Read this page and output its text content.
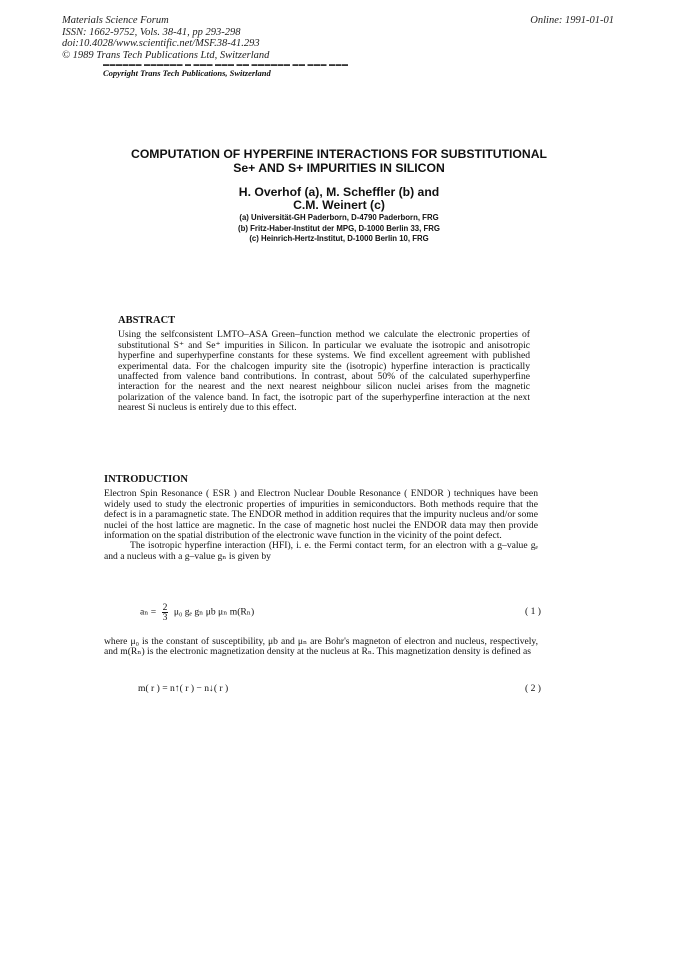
Materials Science Forum
ISSN: 1662-9752, Vols. 38-41, pp 293-298
doi:10.4028/www.scientific.net/MSF.38-41.293
© 1989 Trans Tech Publications Ltd, Switzerland
Online: 1991-01-01
▬▬▬▬▬▬ ▬▬▬▬▬▬ ▬ ▬▬▬ ▬▬▬ ▬▬ ▬▬▬▬▬▬ ▬▬ ▬▬▬ ▬▬▬
Copyright Trans Tech Publications, Switzerland
COMPUTATION OF HYPERFINE INTERACTIONS FOR SUBSTITUTIONAL
Se+ AND S+ IMPURITIES IN SILICON
H. Overhof (a), M. Scheffler (b) and
C.M. Weinert (c)
(a) Universität-GH Paderborn, D-4790 Paderborn, FRG
(b) Fritz-Haber-Institut der MPG, D-1000 Berlin 33, FRG
(c) Heinrich-Hertz-Institut, D-1000 Berlin 10, FRG
ABSTRACT
Using the selfconsistent LMTO–ASA Green–function method we calculate the electronic properties of substitutional S⁺ and Se⁺ impurities in Silicon. In particular we evaluate the isotropic and anisotropic hyperfine and superhyperfine constants for these systems. We find excellent agreement with published experimental data. For the chalcogen impurity site the (isotropic) hyperfine interaction is practically unaffected from valence band contributions. In contrast, about 50% of the calculated superhyperfine interaction for the nearest and the next nearest neighbour silicon nuclei arises from the magnetic polarization of the valence band. In fact, the isotropic part of the superhyperfine interaction at the next nearest Si nucleus is entirely due to this effect.
INTRODUCTION

Electron Spin Resonance ( ESR ) and Electron Nuclear Double Resonance ( ENDOR ) techniques have been widely used to study the electronic properties of impurities in semiconductors. Both methods require that the defect is in a paramagnetic state. The ENDOR method in addition requires that the impurity nucleus and/or some nuclei of the host lattice are magnetic. In the case of magnetic host nuclei the ENDOR data may then provide information on the spatial distribution of the electronic wave function in the vicinity of the point defect.

The isotropic hyperfine interaction (HFI), i. e. the Fermi contact term, for an electron with a g–value gₑ and a nucleus with a g–value gₙ is given by

$a_n = \frac{2}{3} \mu_0$ gₑ gₙ μb μₙ m(Rₙ)	( 1 )
where μ₀ is the constant of susceptibility, μb and μₙ are Bohr's magneton of electron and nucleus, respectively, and m(Rₙ) is the electronic magnetization density at the nucleus at Rₙ. This magnetization density is defined as
m( r ) = n↑( r ) − n↓( r )	( 2 )
